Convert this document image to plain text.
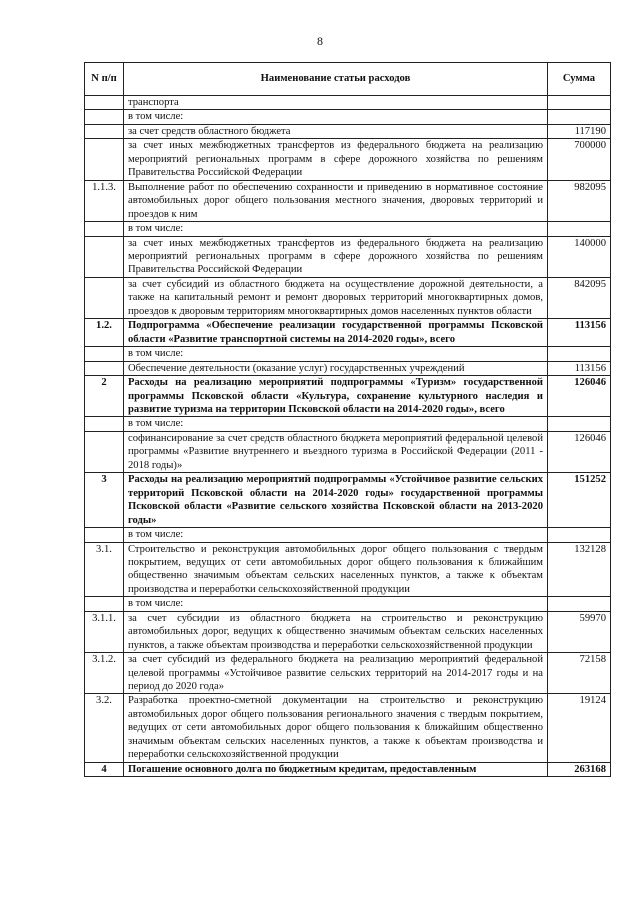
8
N п/п	Наименование статьи расходов	Сумма
	транспорта	
	в том числе:	
	за счет средств областного бюджета	117190
	за счет иных межбюджетных трансфертов из федерального бюджета на реализацию мероприятий региональных программ в сфере дорожного хозяйства по решениям Правительства Российской Федерации	700000
1.1.3.	Выполнение работ по обеспечению сохранности и приведению в нормативное состояние автомобильных дорог общего пользования местного значения, дворовых территорий и проездов к ним	982095
	в том числе:	
	за счет иных межбюджетных трансфертов из федерального бюджета на реализацию мероприятий региональных программ в сфере дорожного хозяйства по решениям Правительства Российской Федерации	140000
	за счет субсидий из областного бюджета на осуществление дорожной деятельности, а также на капитальный ремонт и ремонт дворовых территорий многоквартирных домов, проездов к дворовым территориям многоквартирных домов населенных пунктов области	842095
1.2.	Подпрограмма «Обеспечение реализации государственной программы Псковской области «Развитие транспортной системы на 2014-2020 годы», всего	113156
	в том числе:	
	Обеспечение деятельности (оказание услуг) государственных учреждений	113156
2	Расходы на реализацию мероприятий подпрограммы «Туризм» государственной программы Псковской области «Культура, сохранение культурного наследия и развитие туризма на территории Псковской области на 2014-2020 годы», всего	126046
	в том числе:	
	софинансирование за счет средств областного бюджета мероприятий федеральной целевой программы «Развитие внутреннего и въездного туризма в Российской Федерации (2011 - 2018 годы)»	126046
3	Расходы на реализацию мероприятий подпрограммы «Устойчивое развитие сельских территорий Псковской области на 2014-2020 годы» государственной программы Псковской области «Развитие сельского хозяйства Псковской области на 2013-2020 годы»	151252
	в том числе:	
3.1.	Строительство и реконструкция автомобильных дорог общего пользования с твердым покрытием, ведущих от сети автомобильных дорог общего пользования к ближайшим общественно значимым объектам сельских населенных пунктов, а также к объектам производства и переработки сельскохозяйственной продукции	132128
	в том числе:	
3.1.1.	за счет субсидии из областного бюджета на строительство и реконструкцию автомобильных дорог, ведущих к общественно значимым объектам сельских населенных пунктов, а также объектам производства и переработки сельскохозяйственной продукции	59970
3.1.2.	за счет субсидий из федерального бюджета на реализацию мероприятий федеральной целевой программы «Устойчивое развитие сельских территорий на 2014-2017 годы и на период до 2020 года»	72158
3.2.	Разработка проектно-сметной документации на строительство и реконструкцию автомобильных дорог общего пользования регионального значения с твердым покрытием, ведущих от сети автомобильных дорог общего пользования к ближайшим общественно значимым объектам сельских населенных пунктов, а также к объектам производства и переработки сельскохозяйственной продукции	19124
4	Погашение основного долга по бюджетным кредитам, предоставленным	263168
